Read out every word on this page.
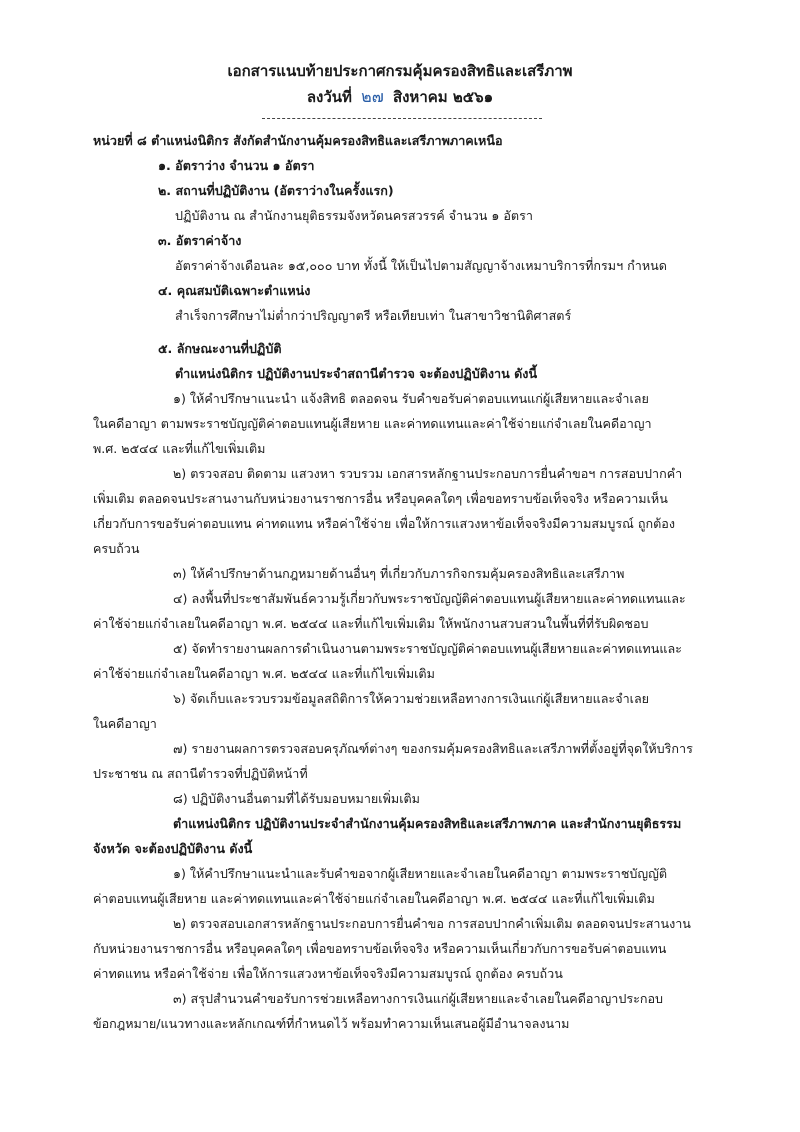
เอกสารแนบท้ายประกาศกรมคุ้มครองสิทธิและเสรีภาพ
ลงวันที่ ๒๗ สิงหาคม ๒๕๖๑
หน่วยที่ ๘ ตำแหน่งนิติกร สังกัดสำนักงานคุ้มครองสิทธิและเสรีภาพภาคเหนือ
๑. อัตราว่าง จำนวน ๑ อัตรา
๒. สถานที่ปฏิบัติงาน (อัตราว่างในครั้งแรก)
ปฏิบัติงาน ณ สำนักงานยุติธรรมจังหวัดนครสวรรค์ จำนวน ๑ อัตรา
๓. อัตราค่าจ้าง
อัตราค่าจ้างเดือนละ ๑๕,๐๐๐ บาท ทั้งนี้ ให้เป็นไปตามสัญญาจ้างเหมาบริการที่กรมฯ กำหนด
๔. คุณสมบัติเฉพาะตำแหน่ง
สำเร็จการศึกษาไม่ต่ำกว่าปริญญาตรี หรือเทียบเท่า ในสาขาวิชานิติศาสตร์
๕. ลักษณะงานที่ปฏิบัติ
ตำแหน่งนิติกร ปฏิบัติงานประจำสถานีตำรวจ จะต้องปฏิบัติงาน ดังนี้
๑) ให้คำปรึกษาแนะนำ แจ้งสิทธิ ตลอดจน รับคำขอรับค่าตอบแทนแก่ผู้เสียหายและจำเลย
ในคดีอาญา ตามพระราชบัญญัติค่าตอบแทนผู้เสียหาย และค่าทดแทนและค่าใช้จ่ายแก่จำเลยในคดีอาญา
พ.ศ. ๒๕๔๔ และที่แก้ไขเพิ่มเติม
๒) ตรวจสอบ ติดตาม แสวงหา รวบรวม เอกสารหลักฐานประกอบการยื่นคำขอฯ การสอบปากคำ
เพิ่มเติม ตลอดจนประสานงานกับหน่วยงานราชการอื่น หรือบุคคลใดๆ เพื่อขอทราบข้อเท็จจริง หรือความเห็น
เกี่ยวกับการขอรับค่าตอบแทน ค่าทดแทน หรือค่าใช้จ่าย เพื่อให้การแสวงหาข้อเท็จจริงมีความสมบูรณ์ ถูกต้อง
ครบถ้วน
๓) ให้คำปรึกษาด้านกฎหมายด้านอื่นๆ ที่เกี่ยวกับภารกิจกรมคุ้มครองสิทธิและเสรีภาพ
๔) ลงพื้นที่ประชาสัมพันธ์ความรู้เกี่ยวกับพระราชบัญญัติค่าตอบแทนผู้เสียหายและค่าทดแทนและ
ค่าใช้จ่ายแก่จำเลยในคดีอาญา พ.ศ. ๒๕๔๔ และที่แก้ไขเพิ่มเติม ให้พนักงานสวบสวนในพื้นที่ที่รับผิดชอบ
๕) จัดทำรายงานผลการดำเนินงานตามพระราชบัญญัติค่าตอบแทนผู้เสียหายและค่าทดแทนและ
ค่าใช้จ่ายแก่จำเลยในคดีอาญา พ.ศ. ๒๕๔๔ และที่แก้ไขเพิ่มเติม
๖) จัดเก็บและรวบรวมข้อมูลสถิติการให้ความช่วยเหลือทางการเงินแก่ผู้เสียหายและจำเลย
ในคดีอาญา
๗) รายงานผลการตรวจสอบครุภัณฑ์ต่างๆ ของกรมคุ้มครองสิทธิและเสรีภาพที่ตั้งอยู่ที่จุดให้บริการ
ประชาชน ณ สถานีตำรวจที่ปฏิบัติหน้าที่
๘) ปฏิบัติงานอื่นตามที่ได้รับมอบหมายเพิ่มเติม
ตำแหน่งนิติกร ปฏิบัติงานประจำสำนักงานคุ้มครองสิทธิและเสรีภาพภาค และสำนักงานยุติธรรม
จังหวัด จะต้องปฏิบัติงาน ดังนี้
๑) ให้คำปรึกษาแนะนำและรับคำขอจากผู้เสียหายและจำเลยในคดีอาญา ตามพระราชบัญญัติ
ค่าตอบแทนผู้เสียหาย และค่าทดแทนและค่าใช้จ่ายแก่จำเลยในคดีอาญา พ.ศ. ๒๕๔๔ และที่แก้ไขเพิ่มเติม
๒) ตรวจสอบเอกสารหลักฐานประกอบการยื่นคำขอ การสอบปากคำเพิ่มเติม ตลอดจนประสานงาน
กับหน่วยงานราชการอื่น หรือบุคคลใดๆ เพื่อขอทราบข้อเท็จจริง หรือความเห็นเกี่ยวกับการขอรับค่าตอบแทน
ค่าทดแทน หรือค่าใช้จ่าย เพื่อให้การแสวงหาข้อเท็จจริงมีความสมบูรณ์ ถูกต้อง ครบถ้วน
๓) สรุปสำนวนคำขอรับการช่วยเหลือทางการเงินแก่ผู้เสียหายและจำเลยในคดีอาญาประกอบ
ข้อกฎหมาย/แนวทางและหลักเกณฑ์ที่กำหนดไว้ พร้อมทำความเห็นเสนอผู้มีอำนาจลงนาม
